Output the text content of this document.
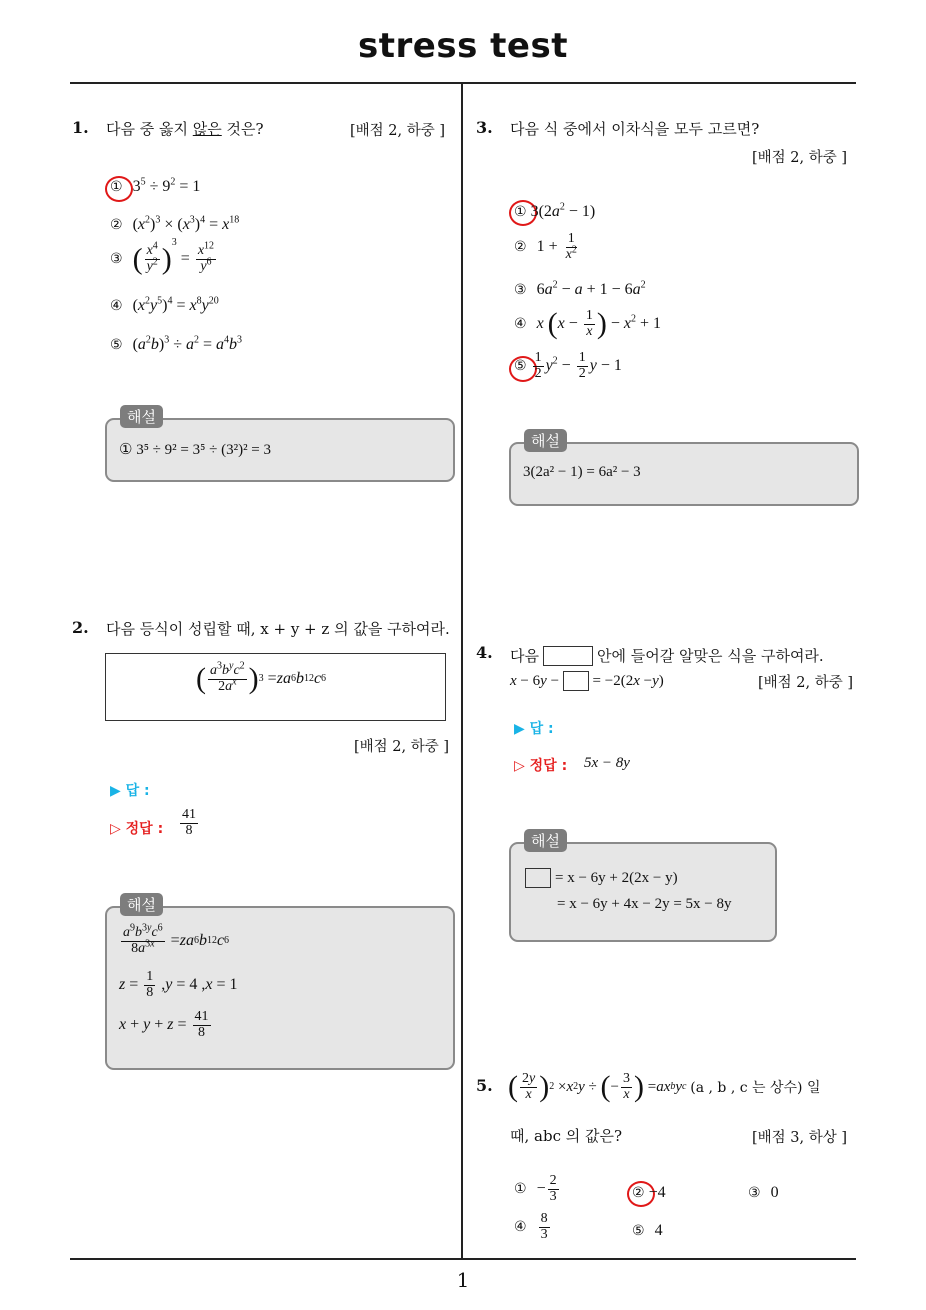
stress test
1
1. 다음 중 옳지 않은 것은?	[배점 2, 하중 ]
① $3^5 \div 9^2 = 1$
② $(x^2)^3 \times (x^3)^4 = x^{18}$
③ ( $\frac{x^4}{y^2} )^3 = \frac{x^{12}}{y^6}$
④ $(x^2y^5)^4 = x^8y^{20}$
⑤ $(a^2b)^3 \div a^2 = a^4b^3$
① 3⁵ ÷ 9² = 3⁵ ÷ (3²)² = 3
해설
2. 다음 등식이 성립할 때, x + y + z 의 값을 구하여라.
( $\frac{a^3b^yc^2}{2a^x}$ ) 3 = z a 6 b 12 c 6
[배점 2, 하중 ]
▶ 답 :
▷ 정답 : $\frac{41}{8}$
$\frac{a^9b^{3y}c^6}{8a^{3x}} = z$ a 6 b 12 c 6
$z = \frac{1}{8}$ , y = 4 , x = 1
$x + y + z = \frac{41}{8}$
해설
3. 다음 식 중에서 이차식을 모두 고르면?
[배점 2, 하중 ]
① $3(2a^2 - 1)$
② $1 + \frac{1}{x^2}$
③ $6a^2 - a + 1 - 6a^2$
④ x ($x - \frac{1}{x}$ ) − $x^2 + 1$
⑤ $\frac{1}{2} y^2 - \frac{1}{2}$ y − 1
3(2a² − 1) = 6a² − 3
해설
4. 다음	안에 들어갈 알맞은 식을 구하여라.
x − 6 y −
= −2(2 x − y )	[배점 2, 하중 ]
▶ 답 :
▷ 정답 : 5x − 8y
= x − 6y + 2(2x − y)
= x − 6y + 4x − 2y = 5x − 8y
해설
5. ( $\frac{2y}{x}$ ) 2 × x 2 y ÷ ( − $\frac{3}{x}$ ) = a x b y c
(a , b , c 는 상수) 일
때, abc 의 값은?	[배점 3, 하상 ]
① − $\frac{2}{3}$	② −4	③ 0
④ $\frac{8}{3}$	⑤ 4
